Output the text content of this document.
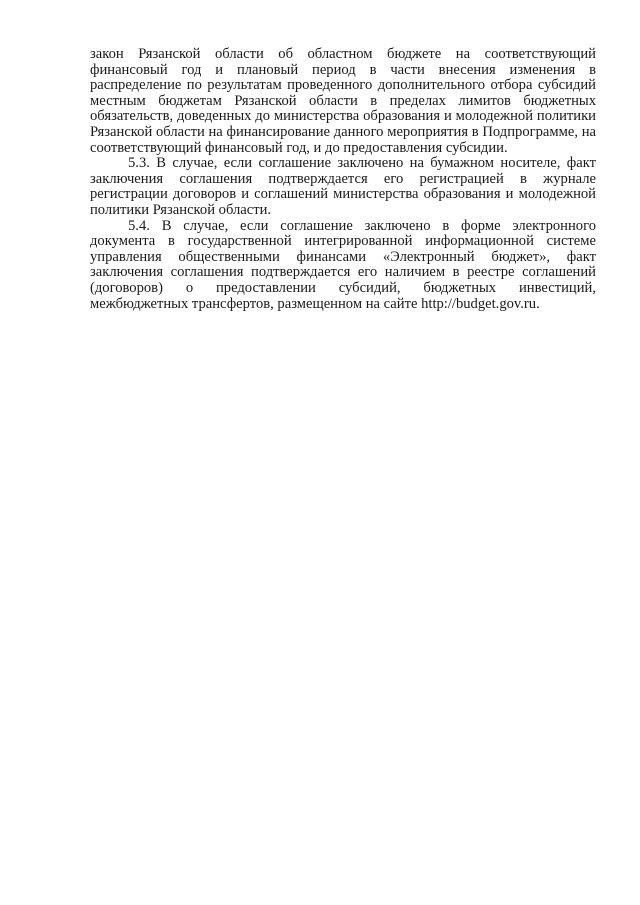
закон Рязанской области об областном бюджете на соответствующий финансовый год и плановый период в части внесения изменения в распределение по результатам проведенного дополнительного отбора субсидий местным бюджетам Рязанской области в пределах лимитов бюджетных обязательств, доведенных до министерства образования и молодежной политики Рязанской области на финансирование данного мероприятия в Подпрограмме, на соответствующий финансовый год, и до предоставления субсидии.

5.3. В случае, если соглашение заключено на бумажном носителе, факт заключения соглашения подтверждается его регистрацией в журнале регистрации договоров и соглашений министерства образования и молодежной политики Рязанской области.

5.4. В случае, если соглашение заключено в форме электронного документа в государственной интегрированной информационной системе управления общественными финансами «Электронный бюджет», факт заключения соглашения подтверждается его наличием в реестре соглашений (договоров) о предоставлении субсидий, бюджетных инвестиций, межбюджетных трансфертов, размещенном на сайте http://budget.gov.ru.
